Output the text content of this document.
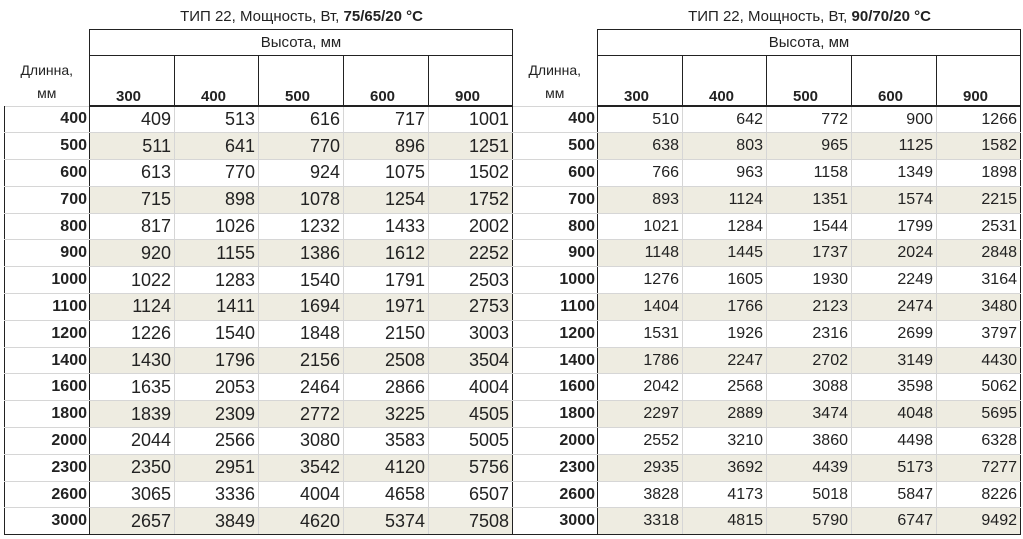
ТИП 22, Мощность, Вт, 75/65/20 °С
Длинна,
мм	Высота, мм				
	300	400	500	600	900
400	409	513	616	717	1001
500	511	641	770	896	1251
600	613	770	924	1075	1502
700	715	898	1078	1254	1752
800	817	1026	1232	1433	2002
900	920	1155	1386	1612	2252
1000	1022	1283	1540	1791	2503
1100	1124	1411	1694	1971	2753
1200	1226	1540	1848	2150	3003
1400	1430	1796	2156	2508	3504
1600	1635	2053	2464	2866	4004
1800	1839	2309	2772	3225	4505
2000	2044	2566	3080	3583	5005
2300	2350	2951	3542	4120	5756
2600	3065	3336	4004	4658	6507
3000	2657	3849	4620	5374	7508
ТИП 22, Мощность, Вт, 90/70/20 °С
Длинна,
мм	Высота, мм				
	300	400	500	600	900
400	510	642	772	900	1266
500	638	803	965	1125	1582
600	766	963	1158	1349	1898
700	893	1124	1351	1574	2215
800	1021	1284	1544	1799	2531
900	1148	1445	1737	2024	2848
1000	1276	1605	1930	2249	3164
1100	1404	1766	2123	2474	3480
1200	1531	1926	2316	2699	3797
1400	1786	2247	2702	3149	4430
1600	2042	2568	3088	3598	5062
1800	2297	2889	3474	4048	5695
2000	2552	3210	3860	4498	6328
2300	2935	3692	4439	5173	7277
2600	3828	4173	5018	5847	8226
3000	3318	4815	5790	6747	9492
